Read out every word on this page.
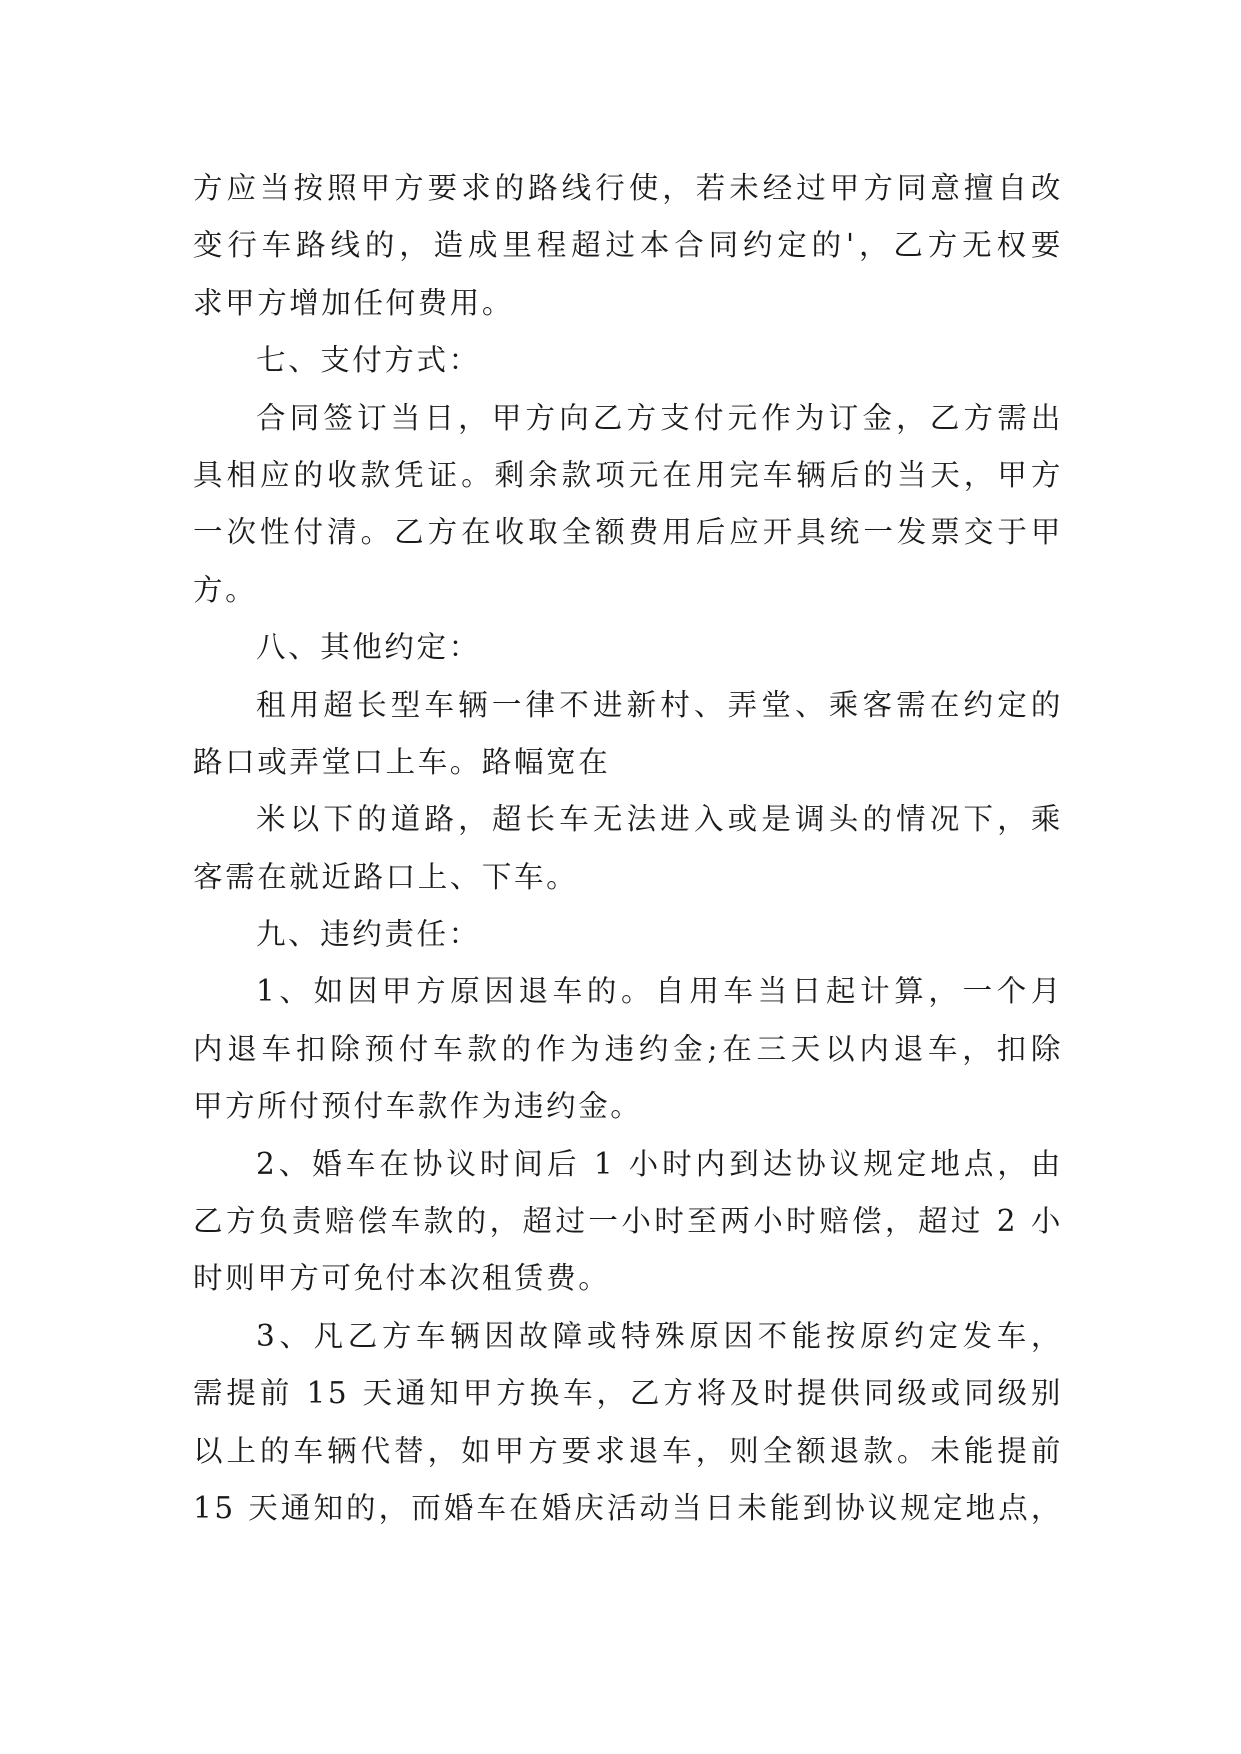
方应当按照甲方要求的路线行使，若未经过甲方同意擅自改
变行车路线的，造成里程超过本合同约定的'，乙方无权要
求甲方增加任何费用。
七、支付方式：
合同签订当日，甲方向乙方支付元作为订金，乙方需出
具相应的收款凭证。剩余款项元在用完车辆后的当天，甲方
一次性付清。乙方在收取全额费用后应开具统一发票交于甲
方。
八、其他约定：
租用超长型车辆一律不进新村、弄堂、乘客需在约定的
路口或弄堂口上车。路幅宽在
米以下的道路，超长车无法进入或是调头的情况下，乘
客需在就近路口上、下车。
九、违约责任：
1、如因甲方原因退车的。自用车当日起计算，一个月
内退车扣除预付车款的作为违约金;在三天以内退车，扣除
甲方所付预付车款作为违约金。
2、婚车在协议时间后 1 小时内到达协议规定地点，由
乙方负责赔偿车款的，超过一小时至两小时赔偿，超过 2 小
时则甲方可免付本次租赁费。
3、凡乙方车辆因故障或特殊原因不能按原约定发车，
需提前 15 天通知甲方换车，乙方将及时提供同级或同级别
以上的车辆代替，如甲方要求退车，则全额退款。未能提前
15 天通知的，而婚车在婚庆活动当日未能到协议规定地点，
